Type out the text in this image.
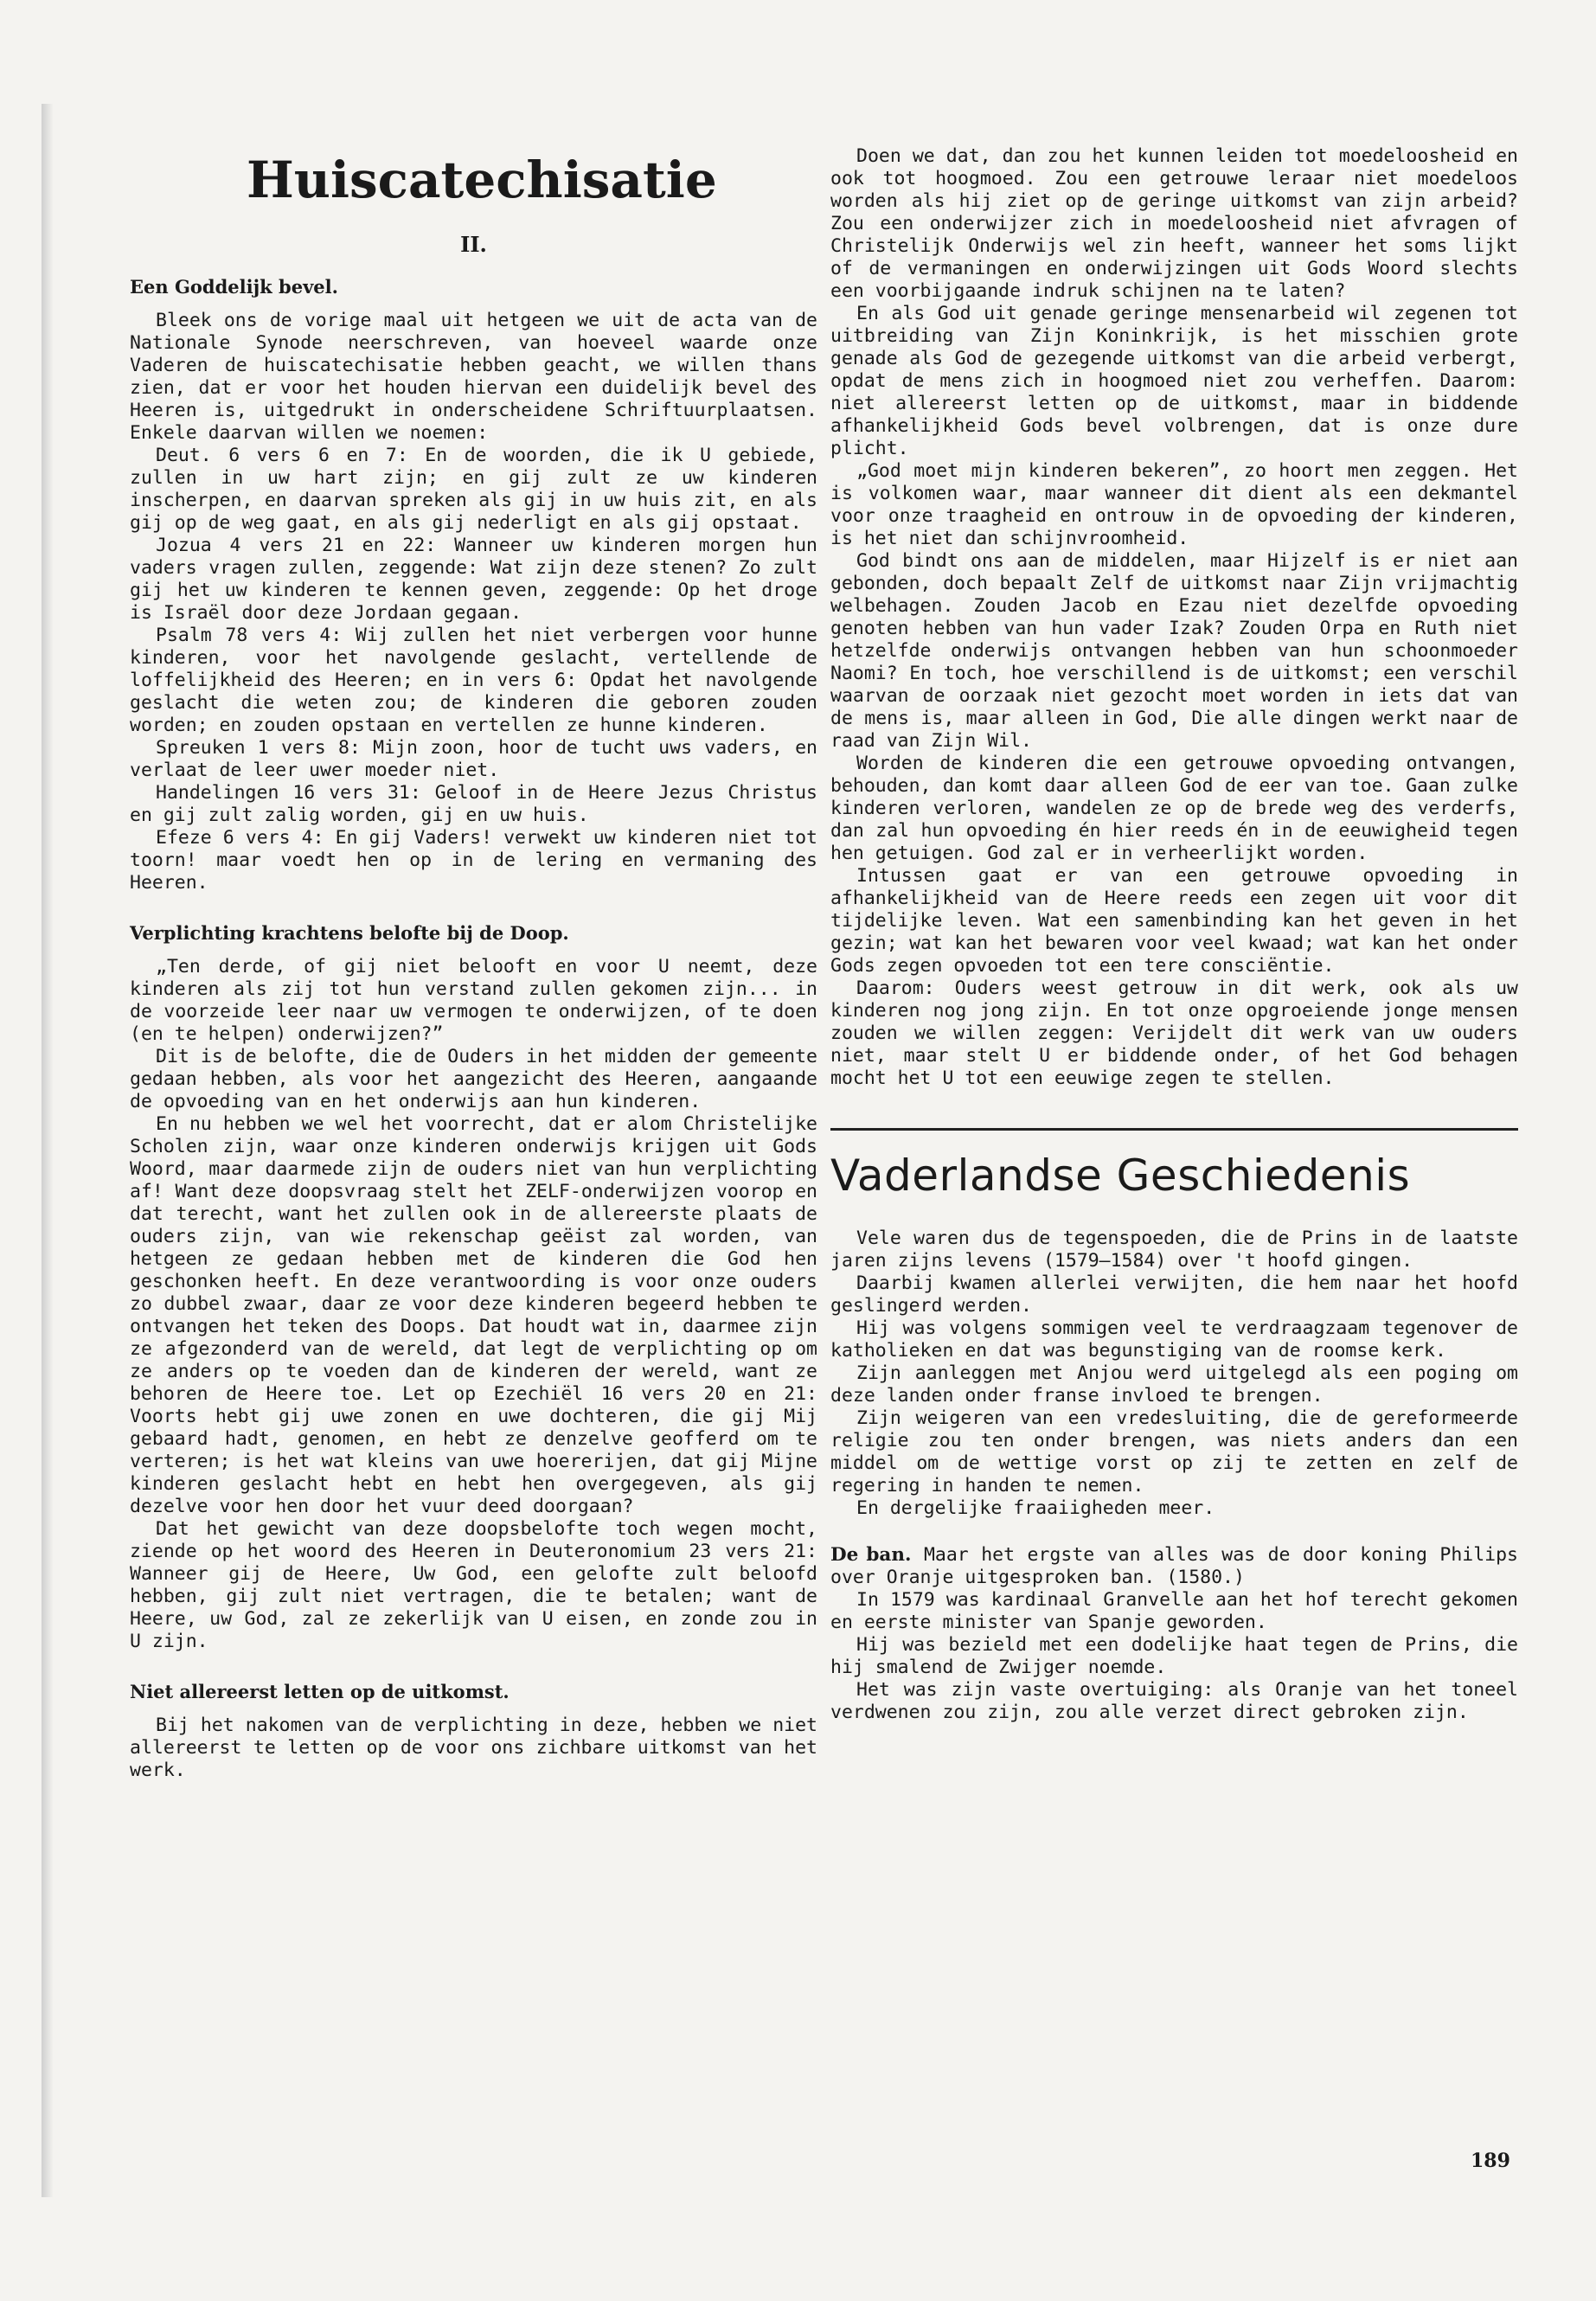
Huiscatechisatie
II.
Een Goddelijk bevel.

Bleek ons de vorige maal uit hetgeen we uit de acta van de Nationale Synode neerschreven, van hoeveel waarde onze Vaderen de huiscatechisatie hebben geacht, we willen thans zien, dat er voor het houden hiervan een duidelijk bevel des Heeren is, uitgedrukt in onderscheidene Schriftuurplaatsen. Enkele daarvan willen we noemen:

Deut. 6 vers 6 en 7: En de woorden, die ik U gebiede, zullen in uw hart zijn; en gij zult ze uw kinderen inscherpen, en daarvan spreken als gij in uw huis zit, en als gij op de weg gaat, en als gij nederligt en als gij opstaat.

Jozua 4 vers 21 en 22: Wanneer uw kinderen morgen hun vaders vragen zullen, zeggende: Wat zijn deze stenen? Zo zult gij het uw kinderen te kennen geven, zeggende: Op het droge is Israël door deze Jordaan gegaan.

Psalm 78 vers 4: Wij zullen het niet verbergen voor hunne kinderen, voor het navolgende geslacht, vertellende de loffelijkheid des Heeren; en in vers 6: Opdat het navolgende geslacht die weten zou; de kinderen die geboren zouden worden; en zouden opstaan en vertellen ze hunne kinderen.

Spreuken 1 vers 8: Mijn zoon, hoor de tucht uws vaders, en verlaat de leer uwer moeder niet.

Handelingen 16 vers 31: Geloof in de Heere Jezus Christus en gij zult zalig worden, gij en uw huis.

Efeze 6 vers 4: En gij Vaders! verwekt uw kinderen niet tot toorn! maar voedt hen op in de lering en vermaning des Heeren.

Verplichting krachtens belofte bij de Doop.

„Ten derde, of gij niet belooft en voor U neemt, deze kinderen als zij tot hun verstand zullen gekomen zijn... in de voorzeide leer naar uw vermogen te onderwijzen, of te doen (en te helpen) onderwijzen?”

Dit is de belofte, die de Ouders in het midden der gemeente gedaan hebben, als voor het aangezicht des Heeren, aangaande de opvoeding van en het onderwijs aan hun kinderen.

En nu hebben we wel het voorrecht, dat er alom Christelijke Scholen zijn, waar onze kinderen onderwijs krijgen uit Gods Woord, maar daarmede zijn de ouders niet van hun verplichting af! Want deze doopsvraag stelt het ZELF-onderwijzen voorop en dat terecht, want het zullen ook in de allereerste plaats de ouders zijn, van wie rekenschap geëist zal worden, van hetgeen ze gedaan hebben met de kinderen die God hen geschonken heeft. En deze verantwoording is voor onze ouders zo dubbel zwaar, daar ze voor deze kinderen begeerd hebben te ontvangen het teken des Doops. Dat houdt wat in, daarmee zijn ze afgezonderd van de wereld, dat legt de verplichting op om ze anders op te voeden dan de kinderen der wereld, want ze behoren de Heere toe. Let op Ezechiël 16 vers 20 en 21: Voorts hebt gij uwe zonen en uwe dochteren, die gij Mij gebaard hadt, genomen, en hebt ze denzelve geofferd om te verteren; is het wat kleins van uwe hoererijen, dat gij Mijne kinderen geslacht hebt en hebt hen overgegeven, als gij dezelve voor hen door het vuur deed doorgaan?

Dat het gewicht van deze doopsbelofte toch wegen mocht, ziende op het woord des Heeren in Deuteronomium 23 vers 21: Wanneer gij de Heere, Uw God, een gelofte zult beloofd hebben, gij zult niet vertragen, die te betalen; want de Heere, uw God, zal ze zekerlijk van U eisen, en zonde zou in U zijn.

Niet allereerst letten op de uitkomst.

Bij het nakomen van de verplichting in deze, hebben we niet allereerst te letten op de voor ons zichbare uitkomst van het werk.

Doen we dat, dan zou het kunnen leiden tot moedeloosheid en ook tot hoogmoed. Zou een getrouwe leraar niet moedeloos worden als hij ziet op de geringe uitkomst van zijn arbeid? Zou een onderwijzer zich in moedeloosheid niet afvragen of Christelijk Onderwijs wel zin heeft, wanneer het soms lijkt of de vermaningen en onderwijzingen uit Gods Woord slechts een voorbijgaande indruk schijnen na te laten?

En als God uit genade geringe mensenarbeid wil zegenen tot uitbreiding van Zijn Koninkrijk, is het misschien grote genade als God de gezegende uitkomst van die arbeid verbergt, opdat de mens zich in hoogmoed niet zou verheffen. Daarom: niet allereerst letten op de uitkomst, maar in biddende afhankelijkheid Gods bevel volbrengen, dat is onze dure plicht.

„God moet mijn kinderen bekeren”, zo hoort men zeggen. Het is volkomen waar, maar wanneer dit dient als een dekmantel voor onze traagheid en ontrouw in de opvoeding der kinderen, is het niet dan schijnvroomheid.

God bindt ons aan de middelen, maar Hijzelf is er niet aan gebonden, doch bepaalt Zelf de uitkomst naar Zijn vrijmachtig welbehagen. Zouden Jacob en Ezau niet dezelfde opvoeding genoten hebben van hun vader Izak? Zouden Orpa en Ruth niet hetzelfde onderwijs ontvangen hebben van hun schoonmoeder Naomi? En toch, hoe verschillend is de uitkomst; een verschil waarvan de oorzaak niet gezocht moet worden in iets dat van de mens is, maar alleen in God, Die alle dingen werkt naar de raad van Zijn Wil.

Worden de kinderen die een getrouwe opvoeding ontvangen, behouden, dan komt daar alleen God de eer van toe. Gaan zulke kinderen verloren, wandelen ze op de brede weg des verderfs, dan zal hun opvoeding én hier reeds én in de eeuwigheid tegen hen getuigen. God zal er in verheerlijkt worden.

Intussen gaat er van een getrouwe opvoeding in afhankelijkheid van de Heere reeds een zegen uit voor dit tijdelijke leven. Wat een samenbinding kan het geven in het gezin; wat kan het bewaren voor veel kwaad; wat kan het onder Gods zegen opvoeden tot een tere consciëntie.

Daarom: Ouders weest getrouw in dit werk, ook als uw kinderen nog jong zijn. En tot onze opgroeiende jonge mensen zouden we willen zeggen: Verijdelt dit werk van uw ouders niet, maar stelt U er biddende onder, of het God behagen mocht het U tot een eeuwige zegen te stellen.

Vaderlandse Geschiedenis

Vele waren dus de tegenspoeden, die de Prins in de laatste jaren zijns levens (1579—1584) over 't hoofd gingen.

Daarbij kwamen allerlei verwijten, die hem naar het hoofd geslingerd werden.

Hij was volgens sommigen veel te verdraagzaam tegenover de katholieken en dat was begunstiging van de roomse kerk.

Zijn aanleggen met Anjou werd uitgelegd als een poging om deze landen onder franse invloed te brengen.

Zijn weigeren van een vredesluiting, die de gereformeerde religie zou ten onder brengen, was niets anders dan een middel om de wettige vorst op zij te zetten en zelf de regering in handen te nemen.

En dergelijke fraaiigheden meer.

De ban. Maar het ergste van alles was de door koning Philips over Oranje uitgesproken ban. (1580.)

In 1579 was kardinaal Granvelle aan het hof terecht gekomen en eerste minister van Spanje geworden.

Hij was bezield met een dodelijke haat tegen de Prins, die hij smalend de Zwijger noemde.

Het was zijn vaste overtuiging: als Oranje van het toneel verdwenen zou zijn, zou alle verzet direct gebroken zijn.

189
